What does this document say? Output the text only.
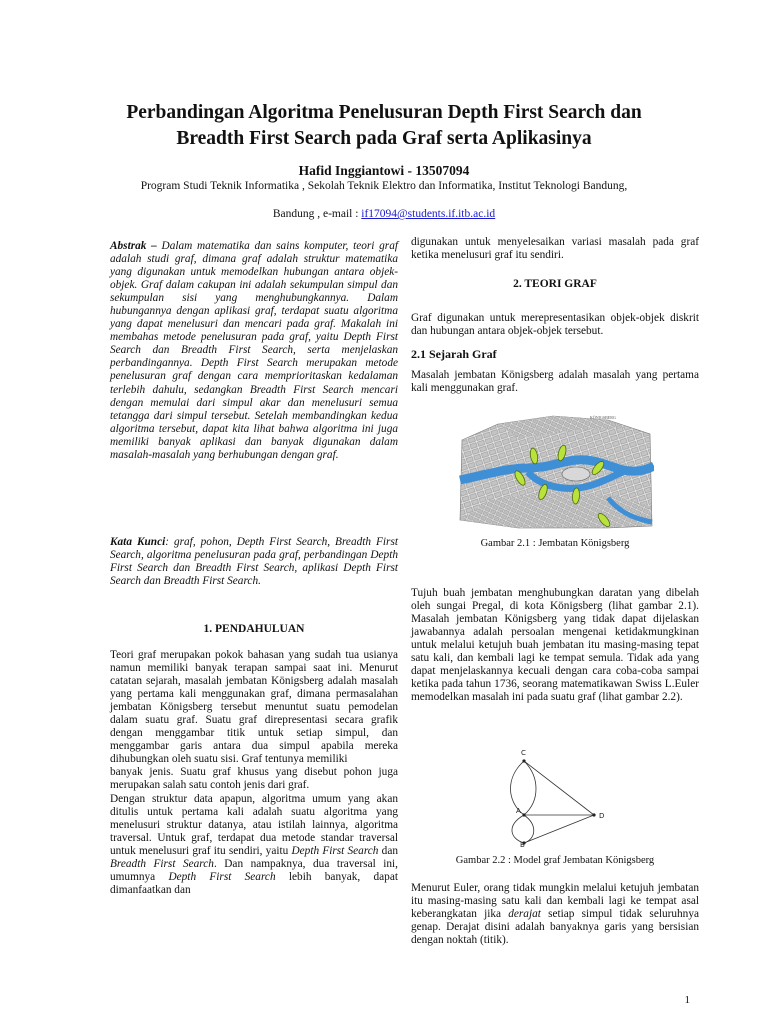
Perbandingan Algoritma Penelusuran Depth First Search dan
Breadth First Search pada Graf serta Aplikasinya
Hafid Inggiantowi - 13507094
Program Studi Teknik Informatika , Sekolah Teknik Elektro dan Informatika, Institut Teknologi Bandung,
Bandung , e-mail : if17094@students.if.itb.ac.id

Abstrak – Dalam matematika dan sains komputer, teori graf adalah studi graf, dimana graf adalah struktur matematika yang digunakan untuk memodelkan hubungan antara objek-objek. Graf dalam cakupan ini adalah sekumpulan simpul dan sekumpulan sisi yang menghubungkannya. Dalam hubungannya dengan aplikasi graf, terdapat suatu algoritma yang dapat menelusuri dan mencari pada graf. Makalah ini membahas metode penelusuran pada graf, yaitu Depth First Search dan Breadth First Search, serta menjelaskan perbandingannya. Depth First Search merupakan metode penelusuran graf dengan cara memprioritaskan kedalaman terlebih dahulu, sedangkan Breadth First Search mencari dengan memulai dari simpul akar dan menelusuri semua tetangga dari simpul tersebut. Setelah membandingkan kedua algoritma tersebut, dapat kita lihat bahwa algoritma ini juga memiliki banyak aplikasi dan banyak digunakan dalam masalah-masalah yang berhubungan dengan graf.

Kata Kunci: graf, pohon, Depth First Search, Breadth First Search, algoritma penelusuran pada graf, perbandingan Depth First Search dan Breadth First Search, aplikasi Depth First Search dan Breadth First Search.

1. PENDAHULUAN

Teori graf merupakan pokok bahasan yang sudah tua usianya namun memiliki banyak terapan sampai saat ini. Menurut catatan sejarah, masalah jembatan Königsberg adalah masalah yang pertama kali menggunakan graf, dimana permasalahan jembatan Königsberg tersebut menuntut suatu pemodelan dalam suatu graf. Suatu graf direpresentasi secara grafik dengan menggambar titik untuk setiap simpul, dan menggambar garis antara dua simpul apabila mereka dihubungkan oleh suatu sisi. Graf tentunya memiliki

banyak jenis. Suatu graf khusus yang disebut pohon juga merupakan salah satu contoh jenis dari graf.

Dengan struktur data apapun, algoritma umum yang akan ditulis untuk pertama kali adalah suatu algoritma yang menelusuri struktur datanya, atau istilah lainnya, algoritma traversal. Untuk graf, terdapat dua metode standar traversal untuk menelusuri graf itu sendiri, yaitu Depth First Search dan Breadth First Search. Dan nampaknya, dua traversal ini, umumnya Depth First Search lebih banyak, dapat dimanfaatkan dan

digunakan untuk menyelesaikan variasi masalah pada graf ketika menelusuri graf itu sendiri.
2. TEORI GRAF
Graf digunakan untuk merepresentasikan objek-objek diskrit dan hubungan antara objek-objek tersebut.
2.1 Sejarah Graf
Masalah jembatan Königsberg adalah masalah yang pertama kali menggunakan graf.
KÖNIGSBERG
Gambar 2.1 : Jembatan Königsberg
Tujuh buah jembatan menghubungkan daratan yang dibelah oleh sungai Pregal, di kota Königsberg (lihat gambar 2.1). Masalah jembatan Königsberg yang tidak dapat dijelaskan jawabannya adalah persoalan mengenai ketidakmungkinan untuk melalui ketujuh buah jembatan itu masing-masing tepat satu kali, dan kembali lagi ke tempat semula. Tidak ada yang dapat menjelaskannya kecuali dengan cara coba-coba sampai ketika pada tahun 1736, seorang matematikawan Swiss L.Euler memodelkan masalah ini pada suatu graf (lihat gambar 2.2).
C
A
B
D
Gambar 2.2 : Model graf Jembatan Königsberg
Menurut Euler, orang tidak mungkin melalui ketujuh jembatan itu masing-masing satu kali dan kembali lagi ke tempat asal keberangkatan jika derajat setiap simpul tidak seluruhnya genap. Derajat disini adalah banyaknya garis yang bersisian dengan noktah (titik).
1
